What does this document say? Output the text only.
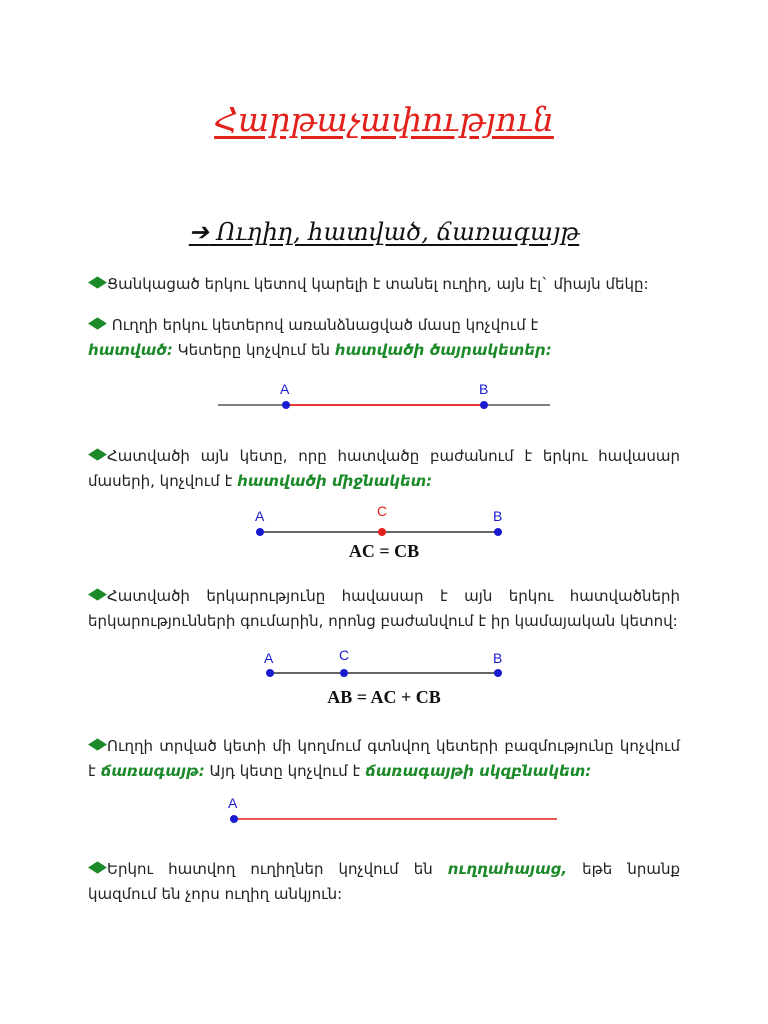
Հարթաչափություն
➔ Ուղիղ, հատված, ճառագայթ
Ցանկացած երկու կետով կարելի է տանել ուղիղ, այն էլ` միայն մեկը:
Ուղղի երկու կետերով առանձնացված մասը կոչվում է հատված: Կետերը կոչվում են հատվածի ծայրակետեր:
A	B
Հատվածի այն կետը, որը հատվածը բաժանում է երկու հավասար մասերի, կոչվում է հատվածի միջնակետ:
A	C	B
AC = CB
Հատվածի երկարությունը հավասար է այն երկու հատվածների երկարությունների գումարին, որոնց բաժանվում է իր կամայական կետով:
A	C	B
AB = AC + CB
Ուղղի տրված կետի մի կողմում գտնվող կետերի բազմությունը կոչվում է ճառագայթ: Այդ կետը կոչվում է ճառագայթի սկզբնակետ:
A
Երկու հատվող ուղիղներ կոչվում են ուղղահայաց, եթե նրանք կազմում են չորս ուղիղ անկյուն:
